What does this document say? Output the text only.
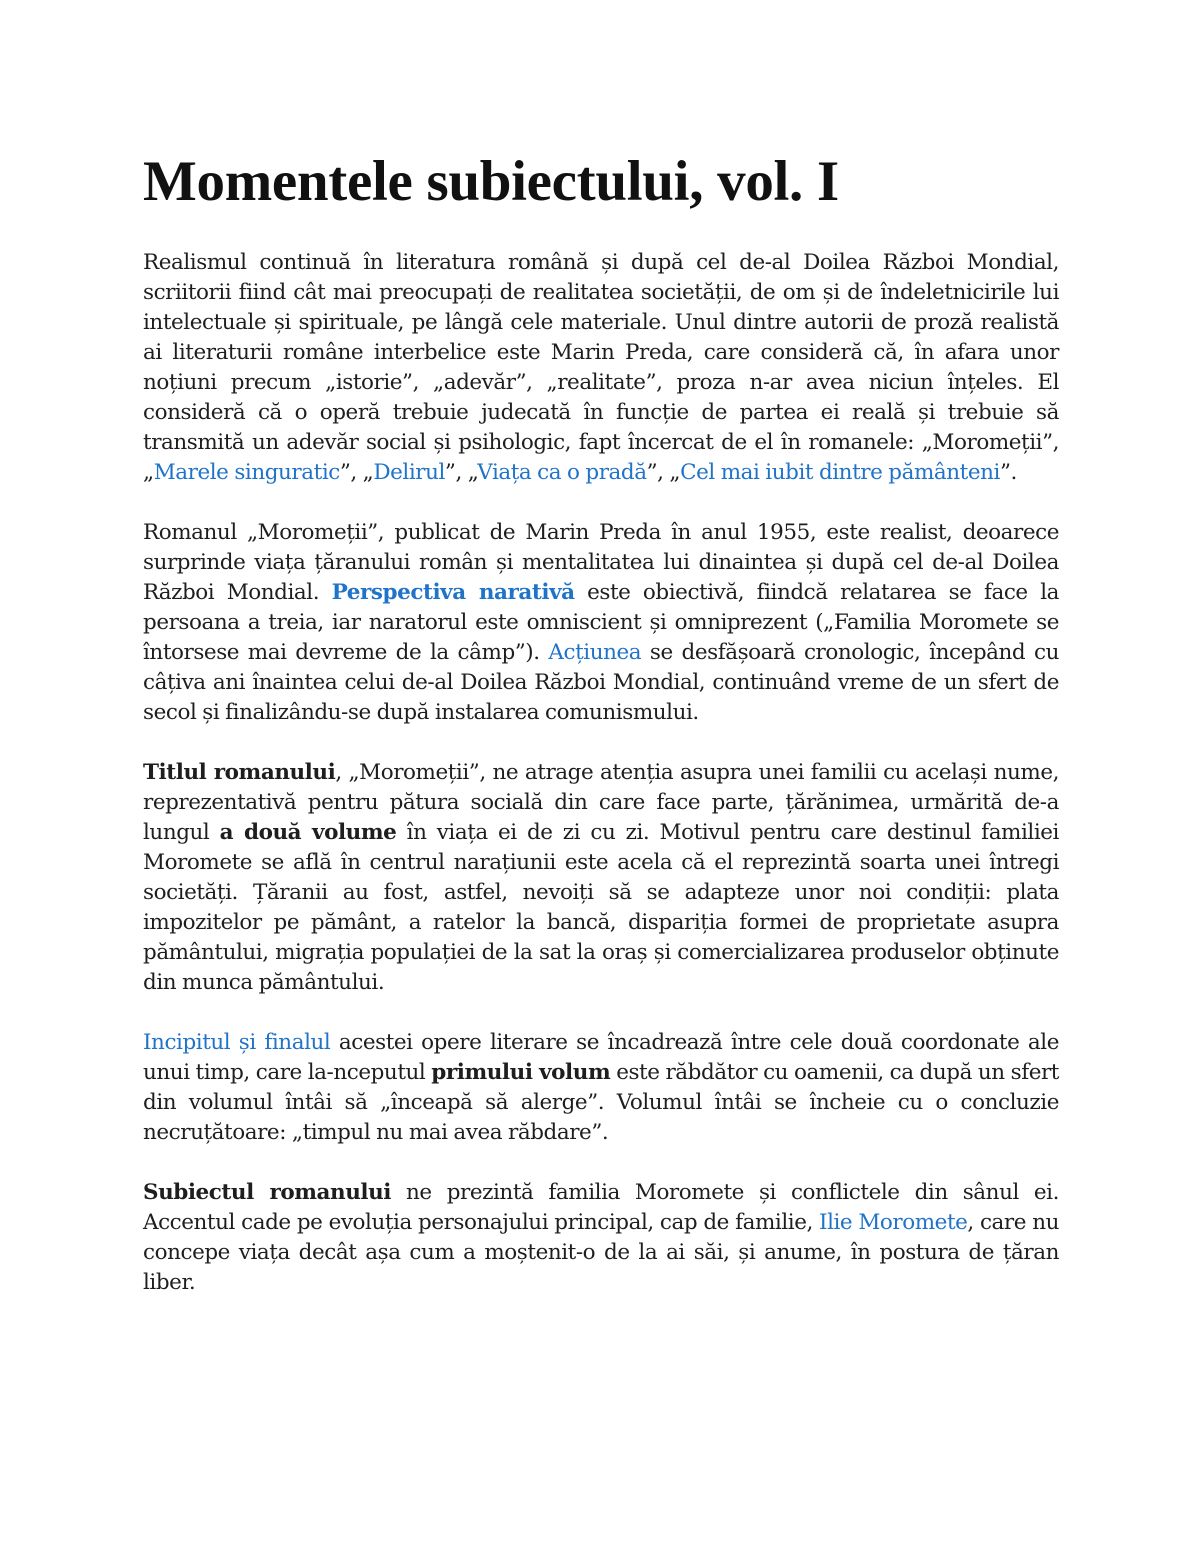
Momentele subiectului, vol. I

Realismul continuă în literatura română și după cel de-al Doilea Război Mondial, scriitorii fiind cât mai preocupați de realitatea societății, de om și de îndeletnicirile lui intelectuale și spirituale, pe lângă cele materiale. Unul dintre autorii de proză realistă ai literaturii române interbelice este Marin Preda, care consideră că, în afara unor noțiuni precum „istorie”, „adevăr”, „realitate”, proza n-ar avea niciun înțeles. El consideră că o operă trebuie judecată în funcție de partea ei reală și trebuie să transmită un adevăr social și psihologic, fapt încercat de el în romanele: „Moromeții”, „Marele singuratic”, „Delirul”, „Viața ca o pradă”, „Cel mai iubit dintre pământeni”.

Romanul „Moromeții”, publicat de Marin Preda în anul 1955, este realist, deoarece surprinde viața țăranului român și mentalitatea lui dinaintea și după cel de-al Doilea Război Mondial. Perspectiva narativă este obiectivă, fiindcă relatarea se face la persoana a treia, iar naratorul este omniscient și omniprezent („Familia Moromete se întorsese mai devreme de la câmp”). Acțiunea se desfășoară cronologic, începând cu câțiva ani înaintea celui de-al Doilea Război Mondial, continuând vreme de un sfert de secol și finalizându-se după instalarea comunismului.

Titlul romanului, „Moromeții”, ne atrage atenția asupra unei familii cu același nume, reprezentativă pentru pătura socială din care face parte, țărănimea, urmărită de-a lungul a două volume în viața ei de zi cu zi. Motivul pentru care destinul familiei Moromete se află în centrul narațiunii este acela că el reprezintă soarta unei întregi societăți. Țăranii au fost, astfel, nevoiți să se adapteze unor noi condiții: plata impozitelor pe pământ, a ratelor la bancă, dispariția formei de proprietate asupra pământului, migrația populației de la sat la oraș și comercializarea produselor obținute din munca pământului.

Incipitul și finalul acestei opere literare se încadrează între cele două coordonate ale unui timp, care la-nceputul primului volum este răbdător cu oamenii, ca după un sfert din volumul întâi să „înceapă să alerge”. Volumul întâi se încheie cu o concluzie necruțătoare: „timpul nu mai avea răbdare”.

Subiectul romanului ne prezintă familia Moromete și conflictele din sânul ei. Accentul cade pe evoluția personajului principal, cap de familie, Ilie Moromete, care nu concepe viața decât așa cum a moștenit-o de la ai săi, și anume, în postura de țăran liber.
